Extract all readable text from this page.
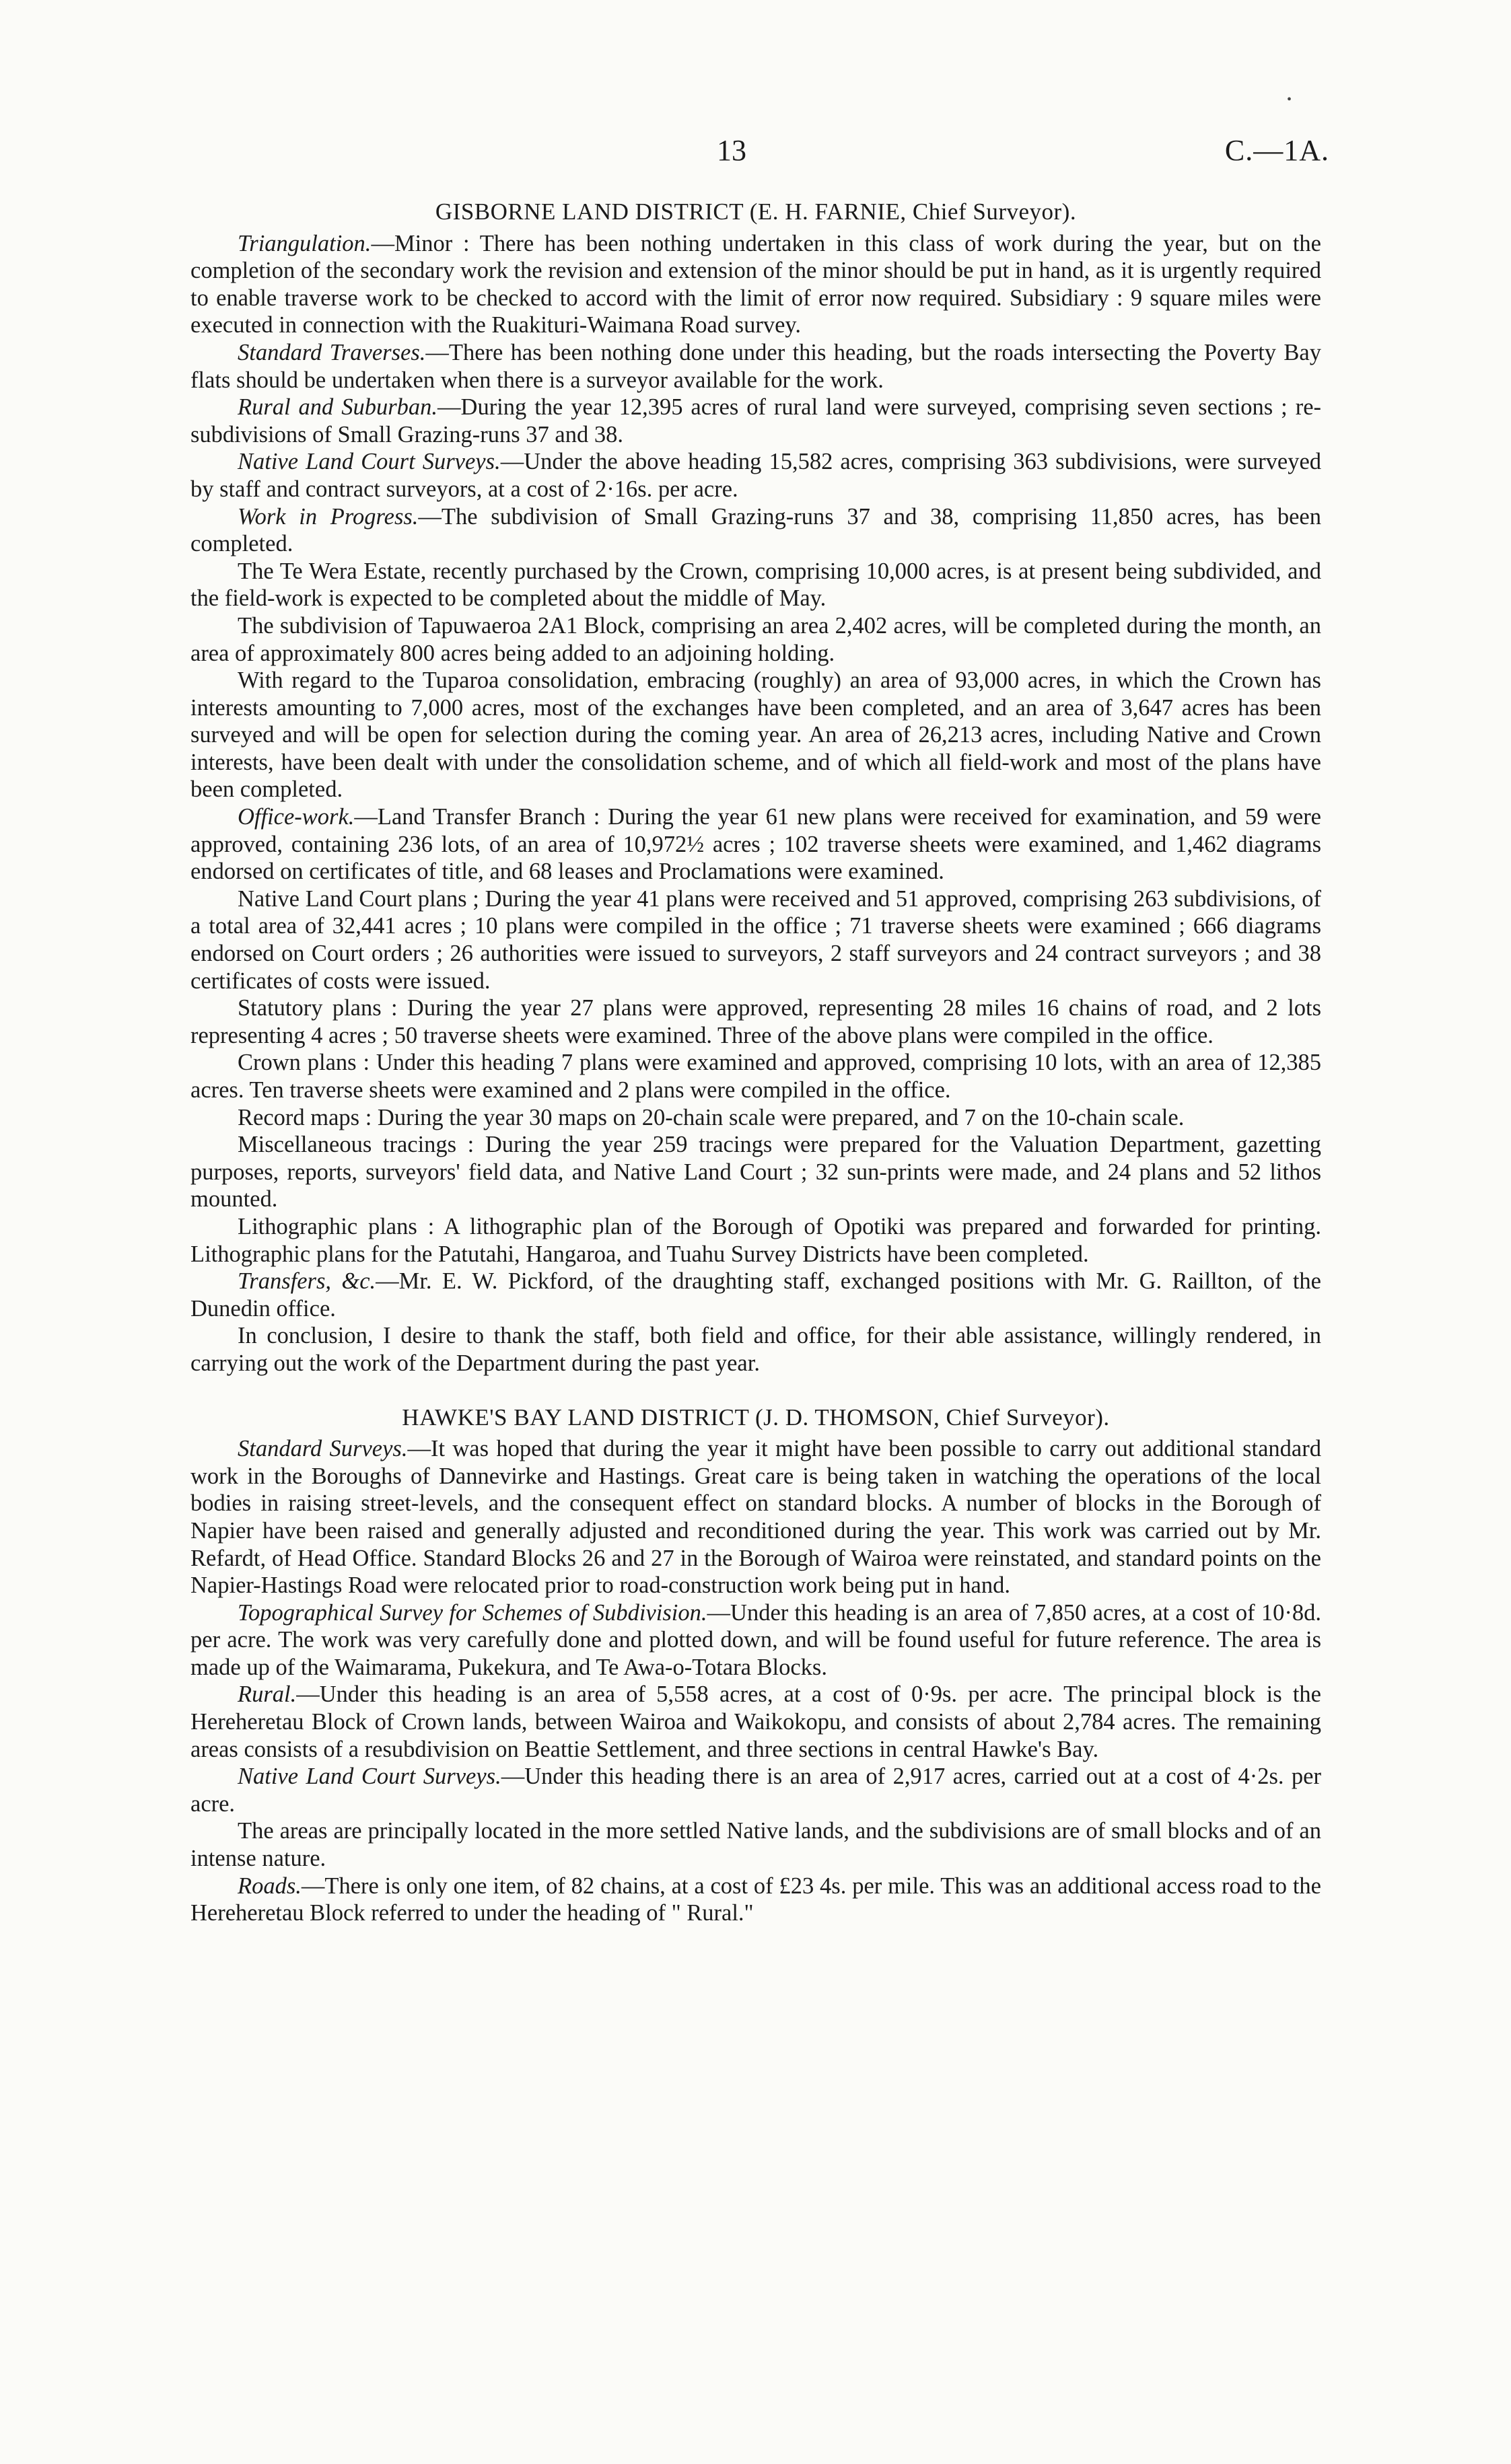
•
13	C.—1A.
GISBORNE LAND DISTRICT (E. H. FARNIE, Chief Surveyor).

Triangulation.—Minor : There has been nothing undertaken in this class of work during the year, but on the completion of the secondary work the revision and extension of the minor should be put in hand, as it is urgently required to enable traverse work to be checked to accord with the limit of error now required. Subsidiary : 9 square miles were executed in connection with the Ruakituri-Waimana Road survey.

Standard Traverses.—There has been nothing done under this heading, but the roads intersecting the Poverty Bay flats should be undertaken when there is a surveyor available for the work.

Rural and Suburban.—During the year 12,395 acres of rural land were surveyed, comprising seven sections ; re-subdivisions of Small Grazing-runs 37 and 38.

Native Land Court Surveys.—Under the above heading 15,582 acres, comprising 363 subdivisions, were surveyed by staff and contract surveyors, at a cost of 2·16s. per acre.

Work in Progress.—The subdivision of Small Grazing-runs 37 and 38, comprising 11,850 acres, has been completed.

The Te Wera Estate, recently purchased by the Crown, comprising 10,000 acres, is at present being subdivided, and the field-work is expected to be completed about the middle of May.

The subdivision of Tapuwaeroa 2A1 Block, comprising an area 2,402 acres, will be completed during the month, an area of approximately 800 acres being added to an adjoining holding.

With regard to the Tuparoa consolidation, embracing (roughly) an area of 93,000 acres, in which the Crown has interests amounting to 7,000 acres, most of the exchanges have been completed, and an area of 3,647 acres has been surveyed and will be open for selection during the coming year. An area of 26,213 acres, including Native and Crown interests, have been dealt with under the consolidation scheme, and of which all field-work and most of the plans have been completed.

Office-work.—Land Transfer Branch : During the year 61 new plans were received for examination, and 59 were approved, containing 236 lots, of an area of 10,972½ acres ; 102 traverse sheets were examined, and 1,462 diagrams endorsed on certificates of title, and 68 leases and Proclamations were examined.

Native Land Court plans ; During the year 41 plans were received and 51 approved, comprising 263 subdivisions, of a total area of 32,441 acres ; 10 plans were compiled in the office ; 71 traverse sheets were examined ; 666 diagrams endorsed on Court orders ; 26 authorities were issued to surveyors, 2 staff surveyors and 24 contract surveyors ; and 38 certificates of costs were issued.

Statutory plans : During the year 27 plans were approved, representing 28 miles 16 chains of road, and 2 lots representing 4 acres ; 50 traverse sheets were examined. Three of the above plans were compiled in the office.

Crown plans : Under this heading 7 plans were examined and approved, comprising 10 lots, with an area of 12,385 acres. Ten traverse sheets were examined and 2 plans were compiled in the office.

Record maps : During the year 30 maps on 20-chain scale were prepared, and 7 on the 10-chain scale.

Miscellaneous tracings : During the year 259 tracings were prepared for the Valuation Department, gazetting purposes, reports, surveyors' field data, and Native Land Court ; 32 sun-prints were made, and 24 plans and 52 lithos mounted.

Lithographic plans : A lithographic plan of the Borough of Opotiki was prepared and forwarded for printing. Lithographic plans for the Patutahi, Hangaroa, and Tuahu Survey Districts have been completed.

Transfers, &c.—Mr. E. W. Pickford, of the draughting staff, exchanged positions with Mr. G. Raillton, of the Dunedin office.

In conclusion, I desire to thank the staff, both field and office, for their able assistance, willingly rendered, in carrying out the work of the Department during the past year.

HAWKE'S BAY LAND DISTRICT (J. D. THOMSON, Chief Surveyor).

Standard Surveys.—It was hoped that during the year it might have been possible to carry out additional standard work in the Boroughs of Dannevirke and Hastings. Great care is being taken in watching the operations of the local bodies in raising street-levels, and the consequent effect on standard blocks. A number of blocks in the Borough of Napier have been raised and generally adjusted and reconditioned during the year. This work was carried out by Mr. Refardt, of Head Office. Standard Blocks 26 and 27 in the Borough of Wairoa were reinstated, and standard points on the Napier-Hastings Road were relocated prior to road-construction work being put in hand.

Topographical Survey for Schemes of Subdivision.—Under this heading is an area of 7,850 acres, at a cost of 10·8d. per acre. The work was very carefully done and plotted down, and will be found useful for future reference. The area is made up of the Waimarama, Pukekura, and Te Awa-o-Totara Blocks.

Rural.—Under this heading is an area of 5,558 acres, at a cost of 0·9s. per acre. The principal block is the Hereheretau Block of Crown lands, between Wairoa and Waikokopu, and consists of about 2,784 acres. The remaining areas consists of a resubdivision on Beattie Settlement, and three sections in central Hawke's Bay.

Native Land Court Surveys.—Under this heading there is an area of 2,917 acres, carried out at a cost of 4·2s. per acre.

The areas are principally located in the more settled Native lands, and the subdivisions are of small blocks and of an intense nature.

Roads.—There is only one item, of 82 chains, at a cost of £23 4s. per mile. This was an additional access road to the Hereheretau Block referred to under the heading of " Rural."
